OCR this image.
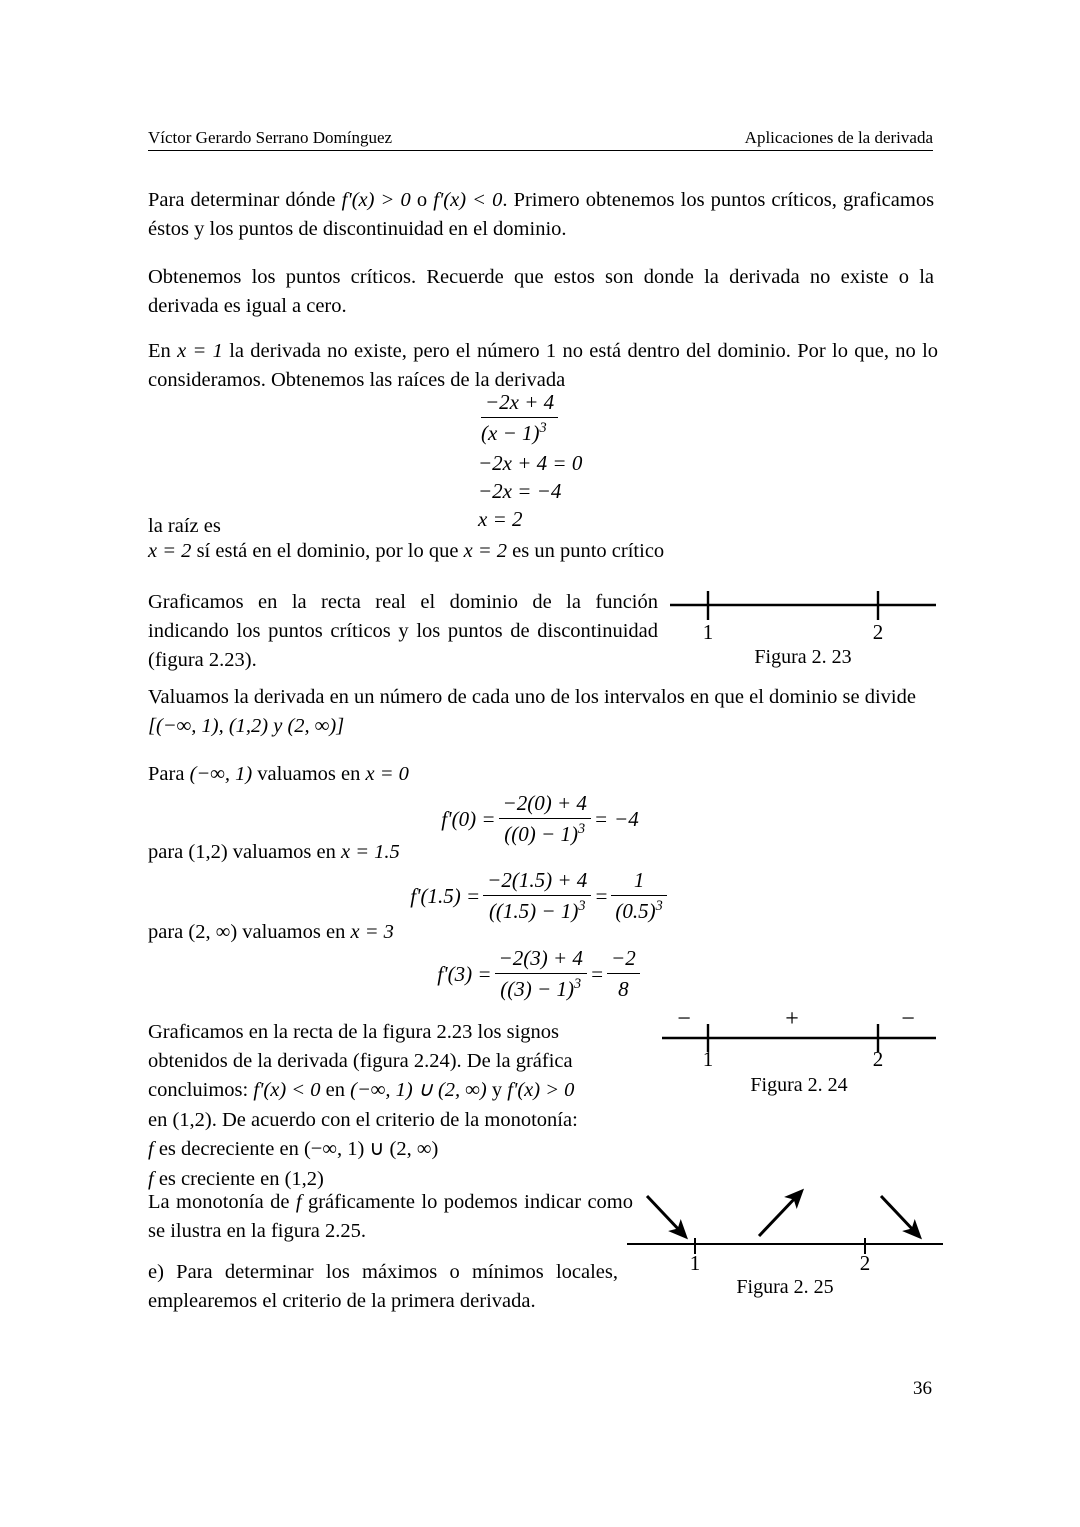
Víctor Gerardo Serrano Domínguez	Aplicaciones de la derivada
Para determinar dónde f'(x) > 0 o f'(x) < 0. Primero obtenemos los puntos críticos, graficamos éstos y los puntos de discontinuidad en el dominio.
Obtenemos los puntos críticos. Recuerde que estos son donde la derivada no existe o la derivada es igual a cero.
En x = 1 la derivada no existe, pero el número 1 no está dentro del dominio. Por lo que, no lo consideramos. Obtenemos las raíces de la derivada
−2x + 4
$(x - 1)^3$
−2x + 4 = 0
−2x = −4
x = 2
la raíz es
x = 2 sí está en el dominio, por lo que x = 2 es un punto crítico
Graficamos en la recta real el dominio de la función indicando los puntos críticos y los puntos de discontinuidad (figura 2.23).
1	2
Figura 2. 23
Valuamos la derivada en un número de cada uno de los intervalos en que el dominio se divide
[(−∞, 1), (1,2) y (2, ∞)]
Para (−∞, 1) valuamos en x = 0
$f'(0) = \frac{-2(0) + 4}{((0) - 1)^3} = -4$
para (1,2) valuamos en x = 1.5
$f'(1.5) = \frac{-2(1.5) + 4}{((1.5) - 1)^3} = \frac{1}{(0.5)^3}$
para (2, ∞) valuamos en x = 3
$f'(3) = \frac{-2(3) + 4}{((3) - 1)^3} = \frac{-2}{8}$
Graficamos en la recta de la figura 2.23 los signos
obtenidos de la derivada (figura 2.24). De la gráfica
concluimos: f'(x) < 0 en (−∞, 1) ∪ (2, ∞) y f'(x) > 0
en (1,2). De acuerdo con el criterio de la monotonía:
f es decreciente en (−∞, 1) ∪ (2, ∞)
f es creciente en (1,2)
−	+	−
1	2
Figura 2. 24
La monotonía de f gráficamente lo podemos indicar como se ilustra en la figura 2.25.
e) Para determinar los máximos o mínimos locales, emplearemos el criterio de la primera derivada.
1	2
Figura 2. 25
36
